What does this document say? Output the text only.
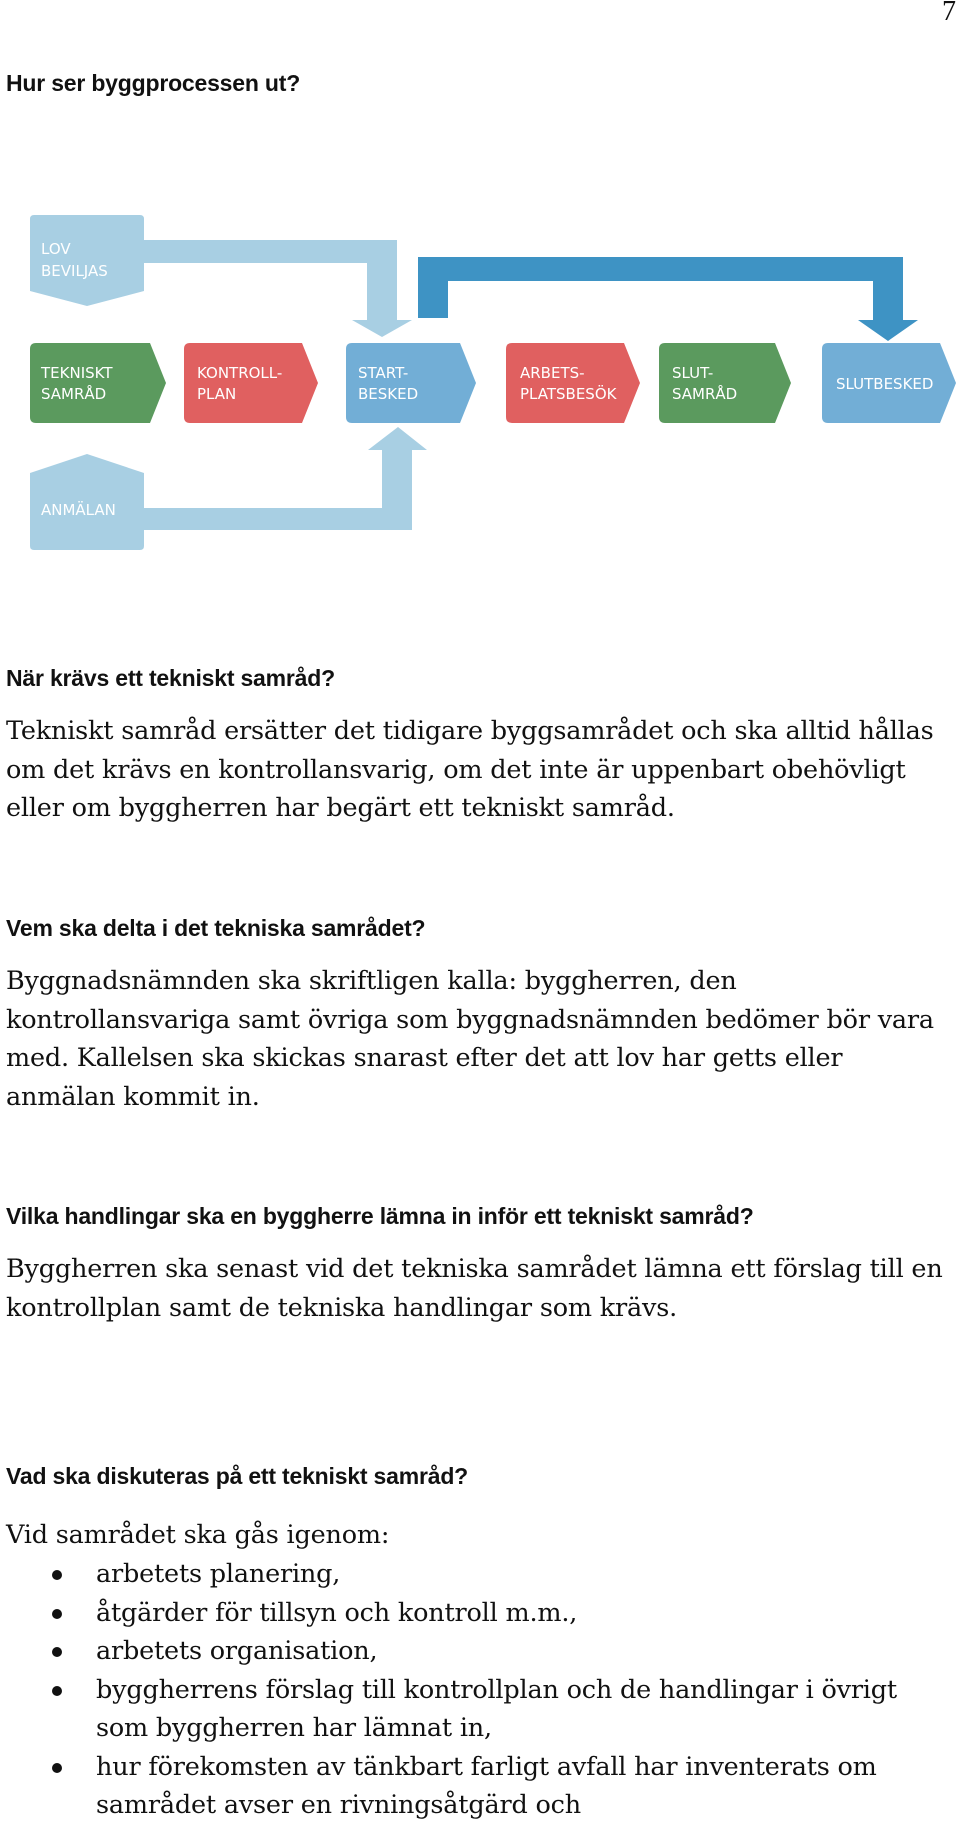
7
Hur ser byggprocessen ut?
LOV BEVILJAS
TEKNISKT SAMRÅD
KONTROLL-PLAN
START-BESKED
ARBETS-PLATSBESÖK
SLUT-SAMRÅD
SLUTBESKED
ANMÄLAN
När krävs ett tekniskt samråd?

Tekniskt samråd ersätter det tidigare byggsamrådet och ska alltid hållas om det krävs en kontrollansvarig, om det inte är uppenbart obehövligt eller om byggherren har begärt ett tekniskt samråd.

Vem ska delta i det tekniska samrådet?

Byggnadsnämnden ska skriftligen kalla: byggherren, den kontrollansvariga samt övriga som byggnadsnämnden bedömer bör vara med. Kallelsen ska skickas snarast efter det att lov har getts eller anmälan kommit in.

Vilka handlingar ska en byggherre lämna in inför ett tekniskt samråd?

Byggherren ska senast vid det tekniska samrådet lämna ett förslag till en kontrollplan samt de tekniska handlingar som krävs.

Vad ska diskuteras på ett tekniskt samråd?

Vid samrådet ska gås igenom:

arbetets planering,
åtgärder för tillsyn och kontroll m.m.,
arbetets organisation,
byggherrens förslag till kontrollplan och de handlingar i övrigt som byggherren har lämnat in,
hur förekomsten av tänkbart farligt avfall har inventerats om samrådet avser en rivningsåtgärd och
